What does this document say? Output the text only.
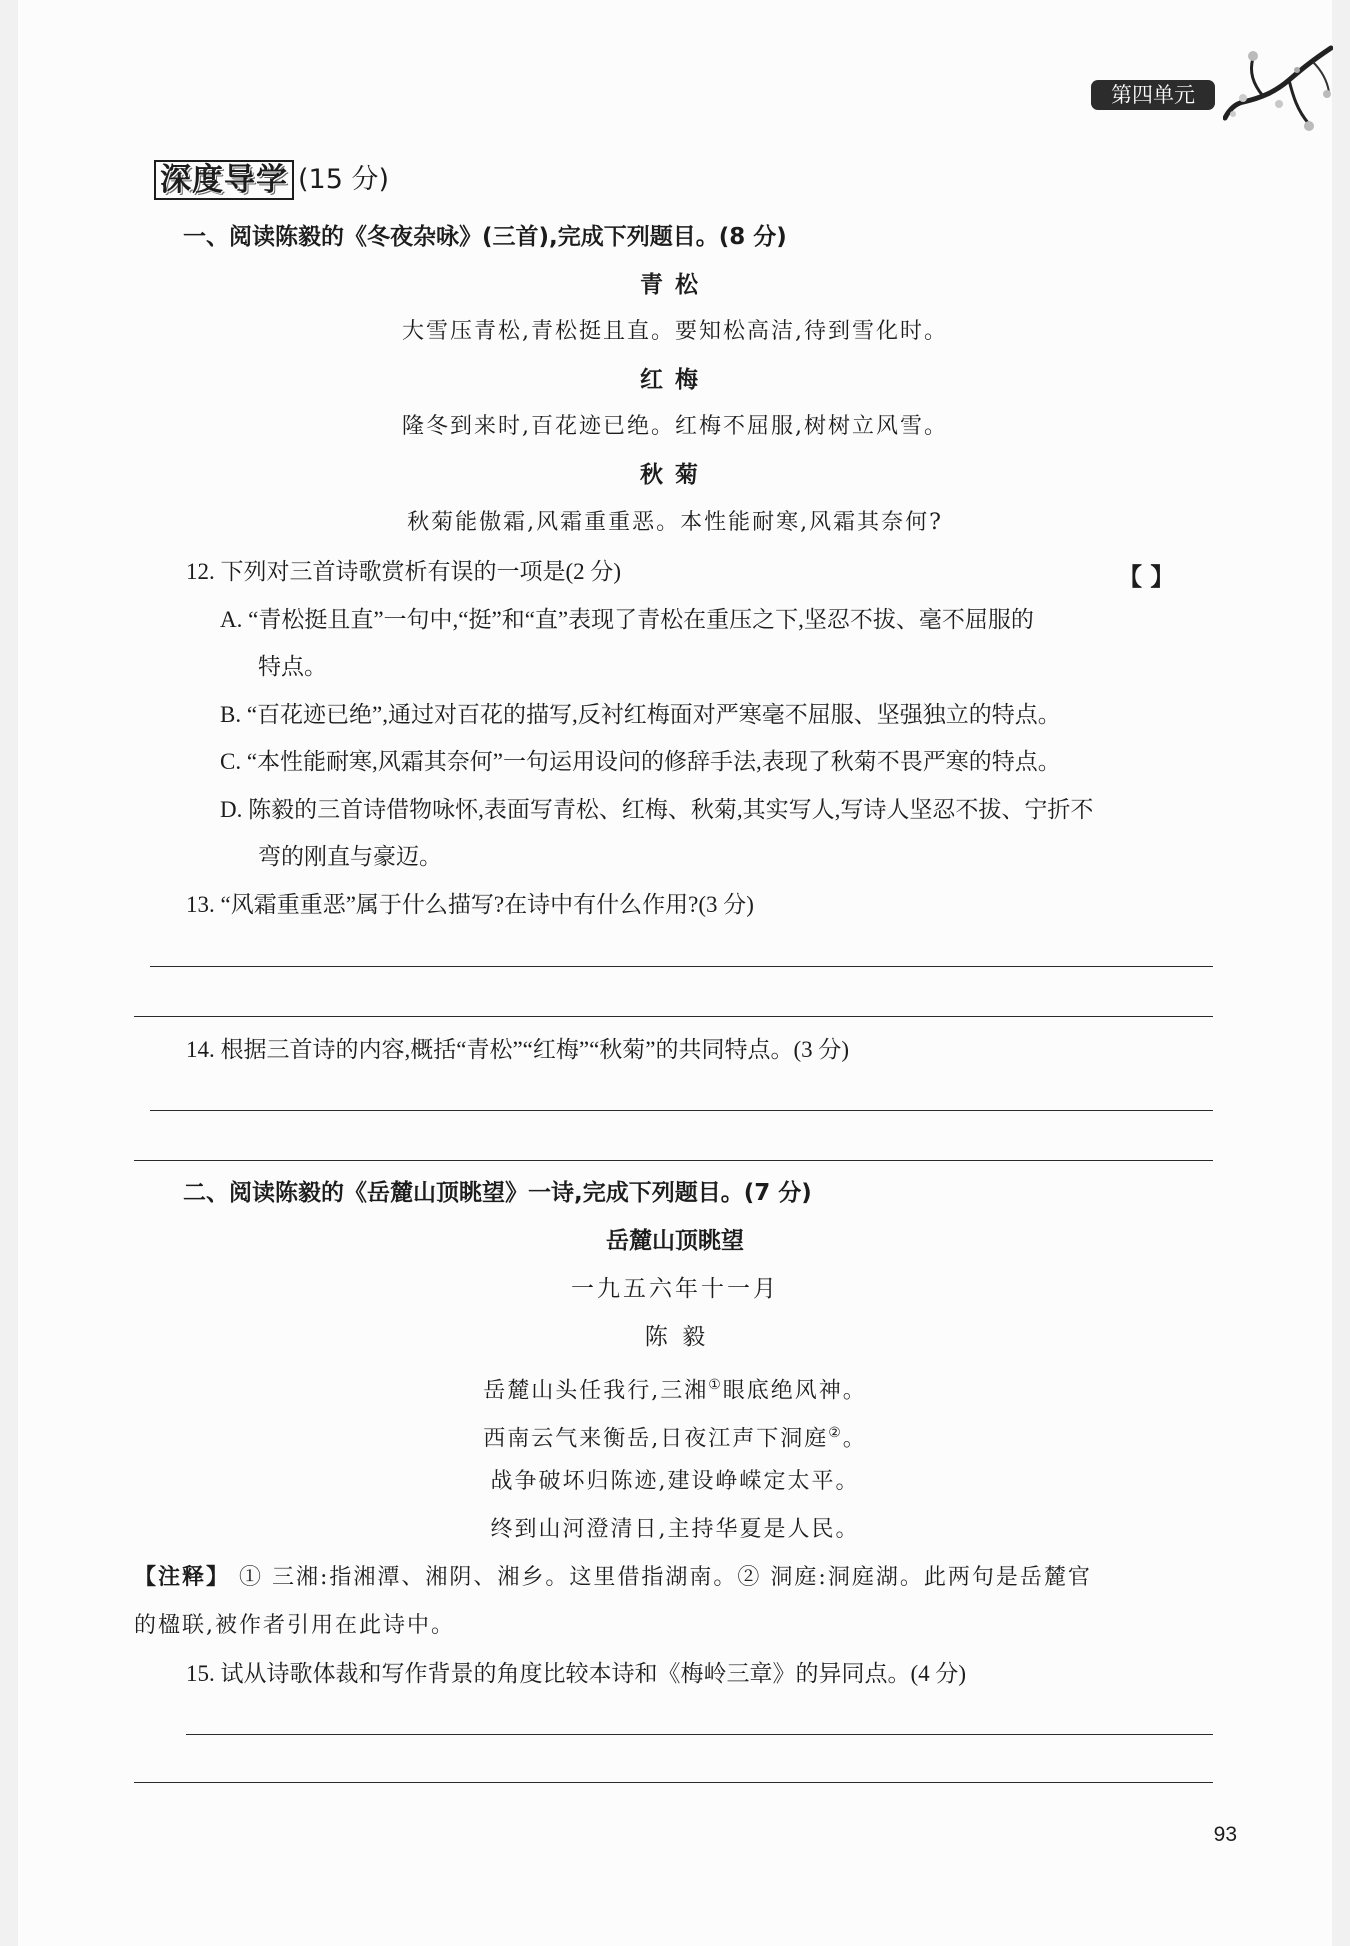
第四单元
深度导学 (15 分)
一、阅读陈毅的《冬夜杂咏》(三首),完成下列题目。(8 分)
青松
大雪压青松,青松挺且直。要知松高洁,待到雪化时。
红梅
隆冬到来时,百花迹已绝。红梅不屈服,树树立风雪。
秋菊
秋菊能傲霜,风霜重重恶。本性能耐寒,风霜其奈何?
12. 下列对三首诗歌赏析有误的一项是(2 分)	【 】
A. “青松挺且直”一句中,“挺”和“直”表现了青松在重压之下,坚忍不拔、毫不屈服的
特点。
B. “百花迹已绝”,通过对百花的描写,反衬红梅面对严寒毫不屈服、坚强独立的特点。
C. “本性能耐寒,风霜其奈何”一句运用设问的修辞手法,表现了秋菊不畏严寒的特点。
D. 陈毅的三首诗借物咏怀,表面写青松、红梅、秋菊,其实写人,写诗人坚忍不拔、宁折不
弯的刚直与豪迈。
13. “风霜重重恶”属于什么描写?在诗中有什么作用?(3 分)
14. 根据三首诗的内容,概括“青松”“红梅”“秋菊”的共同特点。(3 分)
二、阅读陈毅的《岳麓山顶眺望》一诗,完成下列题目。(7 分)
岳麓山顶眺望
一九五六年十一月
陈  毅
岳麓山头任我行,三湘①眼底绝风神。
西南云气来衡岳,日夜江声下洞庭②。
战争破坏归陈迹,建设峥嵘定太平。
终到山河澄清日,主持华夏是人民。
【注释】 ① 三湘:指湘潭、湘阴、湘乡。这里借指湖南。② 洞庭:洞庭湖。此两句是岳麓官
的楹联,被作者引用在此诗中。
15. 试从诗歌体裁和写作背景的角度比较本诗和《梅岭三章》的异同点。(4 分)
93
